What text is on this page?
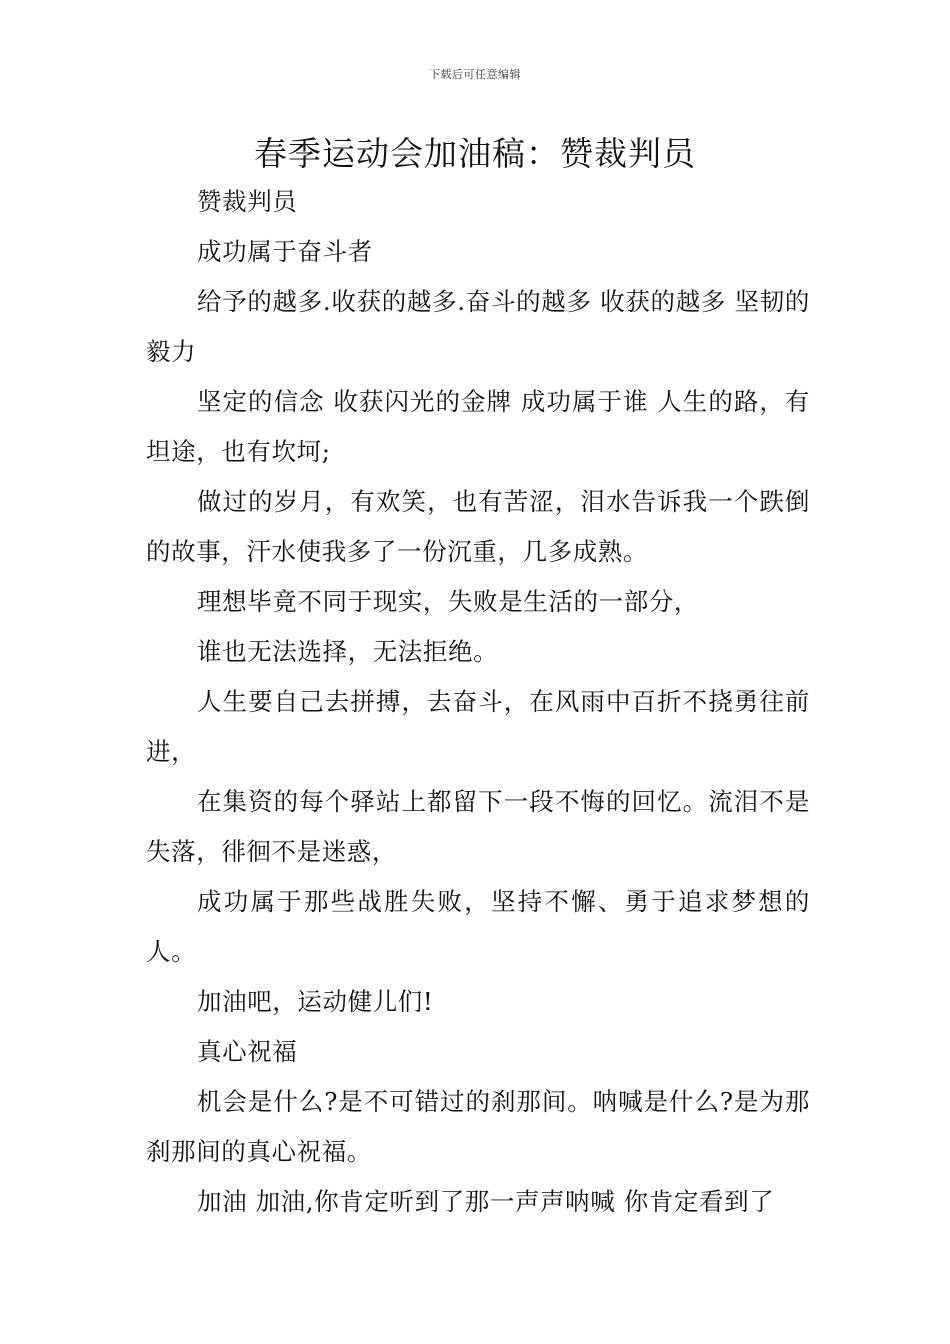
下载后可任意编辑
春季运动会加油稿：赞裁判员

赞裁判员

成功属于奋斗者

给予的越多.收获的越多.奋斗的越多 收获的越多 坚韧的毅力

坚定的信念 收获闪光的金牌 成功属于谁 人生的路，有坦途，也有坎坷;

做过的岁月，有欢笑，也有苦涩，泪水告诉我一个跌倒的故事，汗水使我多了一份沉重，几多成熟。

理想毕竟不同于现实，失败是生活的一部分，

谁也无法选择，无法拒绝。

人生要自己去拼搏，去奋斗，在风雨中百折不挠勇往前进，

在集资的每个驿站上都留下一段不悔的回忆。流泪不是失落，徘徊不是迷惑，

成功属于那些战胜失败，坚持不懈、勇于追求梦想的人。

加油吧，运动健儿们!

真心祝福

机会是什么?是不可错过的刹那间。呐喊是什么?是为那刹那间的真心祝福。

加油 加油,你肯定听到了那一声声呐喊 你肯定看到了
